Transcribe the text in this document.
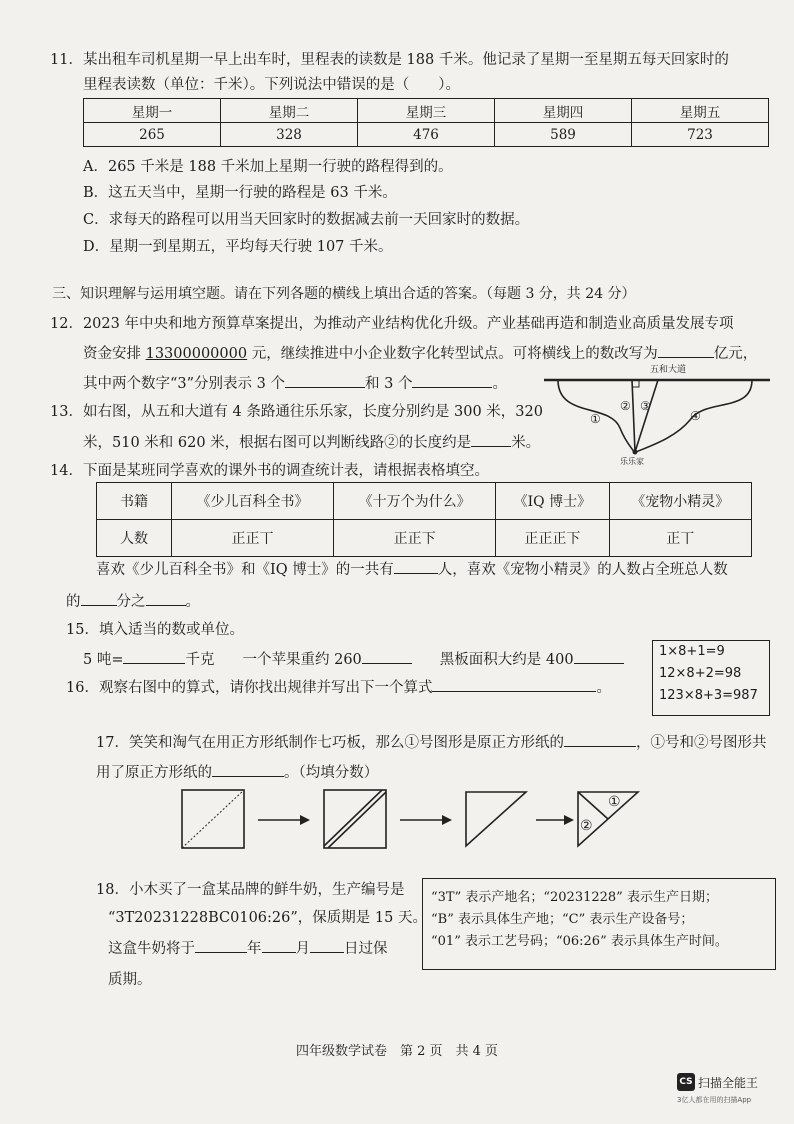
11．某出租车司机星期一早上出车时，里程表的读数是 188 千米。他记录了星期一至星期五每天回家时的
里程表读数（单位：千米）。下列说法中错误的是（　　）。
星期一	星期二	星期三	星期四	星期五
265	328	476	589	723
A．265 千米是 188 千米加上星期一行驶的路程得到的。
B．这五天当中，星期一行驶的路程是 63 千米。
C．求每天的路程可以用当天回家时的数据减去前一天回家时的数据。
D．星期一到星期五，平均每天行驶 107 千米。
三、知识理解与运用填空题。请在下列各题的横线上填出合适的答案。（每题 3 分，共 24 分）
12．2023 年中央和地方预算草案提出，为推动产业结构优化升级。产业基础再造和制造业高质量发展专项
资金安排 13300000000 元，继续推进中小企业数字化转型试点。可将横线上的数改写为	亿元，
其中两个数字“3”分别表示 3 个	和 3 个	。
五和大道
①
② ③
④
乐乐家
13．如右图，从五和大道有 4 条路通往乐乐家，长度分别约是 300 米，320
米，510 米和 620 米，根据右图可以判断线路②的长度约是	米。
14．下面是某班同学喜欢的课外书的调查统计表，请根据表格填空。
书籍	《少儿百科全书》	《十万个为什么》	《IQ 博士》	《宠物小精灵》
人数	正正丅	正正下	正正正下	正丅
喜欢《少儿百科全书》和《IQ 博士》的一共有	人，喜欢《宠物小精灵》的人数占全班总人数
的 分之	。
15．填入适当的数或单位。
5 吨=	千克 一个苹果重约 260	黑板面积大约是 400
1×8+1=9
12×8+2=98
123×8+3=987
16．观察右图中的算式，请你找出规律并写出下一个算式	。
17．笑笑和淘气在用正方形纸制作七巧板，那么①号图形是原正方形纸的	，①号和②号图形共
用了原正方形纸的	。（均填分数）
①
②
18．小木买了一盒某品牌的鲜牛奶，生产编号是
“3T20231228BC0106:26”，保质期是 15 天。
这盒牛奶将于	年 月 日过保
质期。
“3T” 表示产地名；“20231228” 表示生产日期；
“B” 表示具体生产地；“C” 表示生产设备号；
“01” 表示工艺号码；“06:26” 表示具体生产时间。
四年级数学试卷　第 2 页　共 4 页
CS 扫描全能王
3亿人都在用的扫描App
